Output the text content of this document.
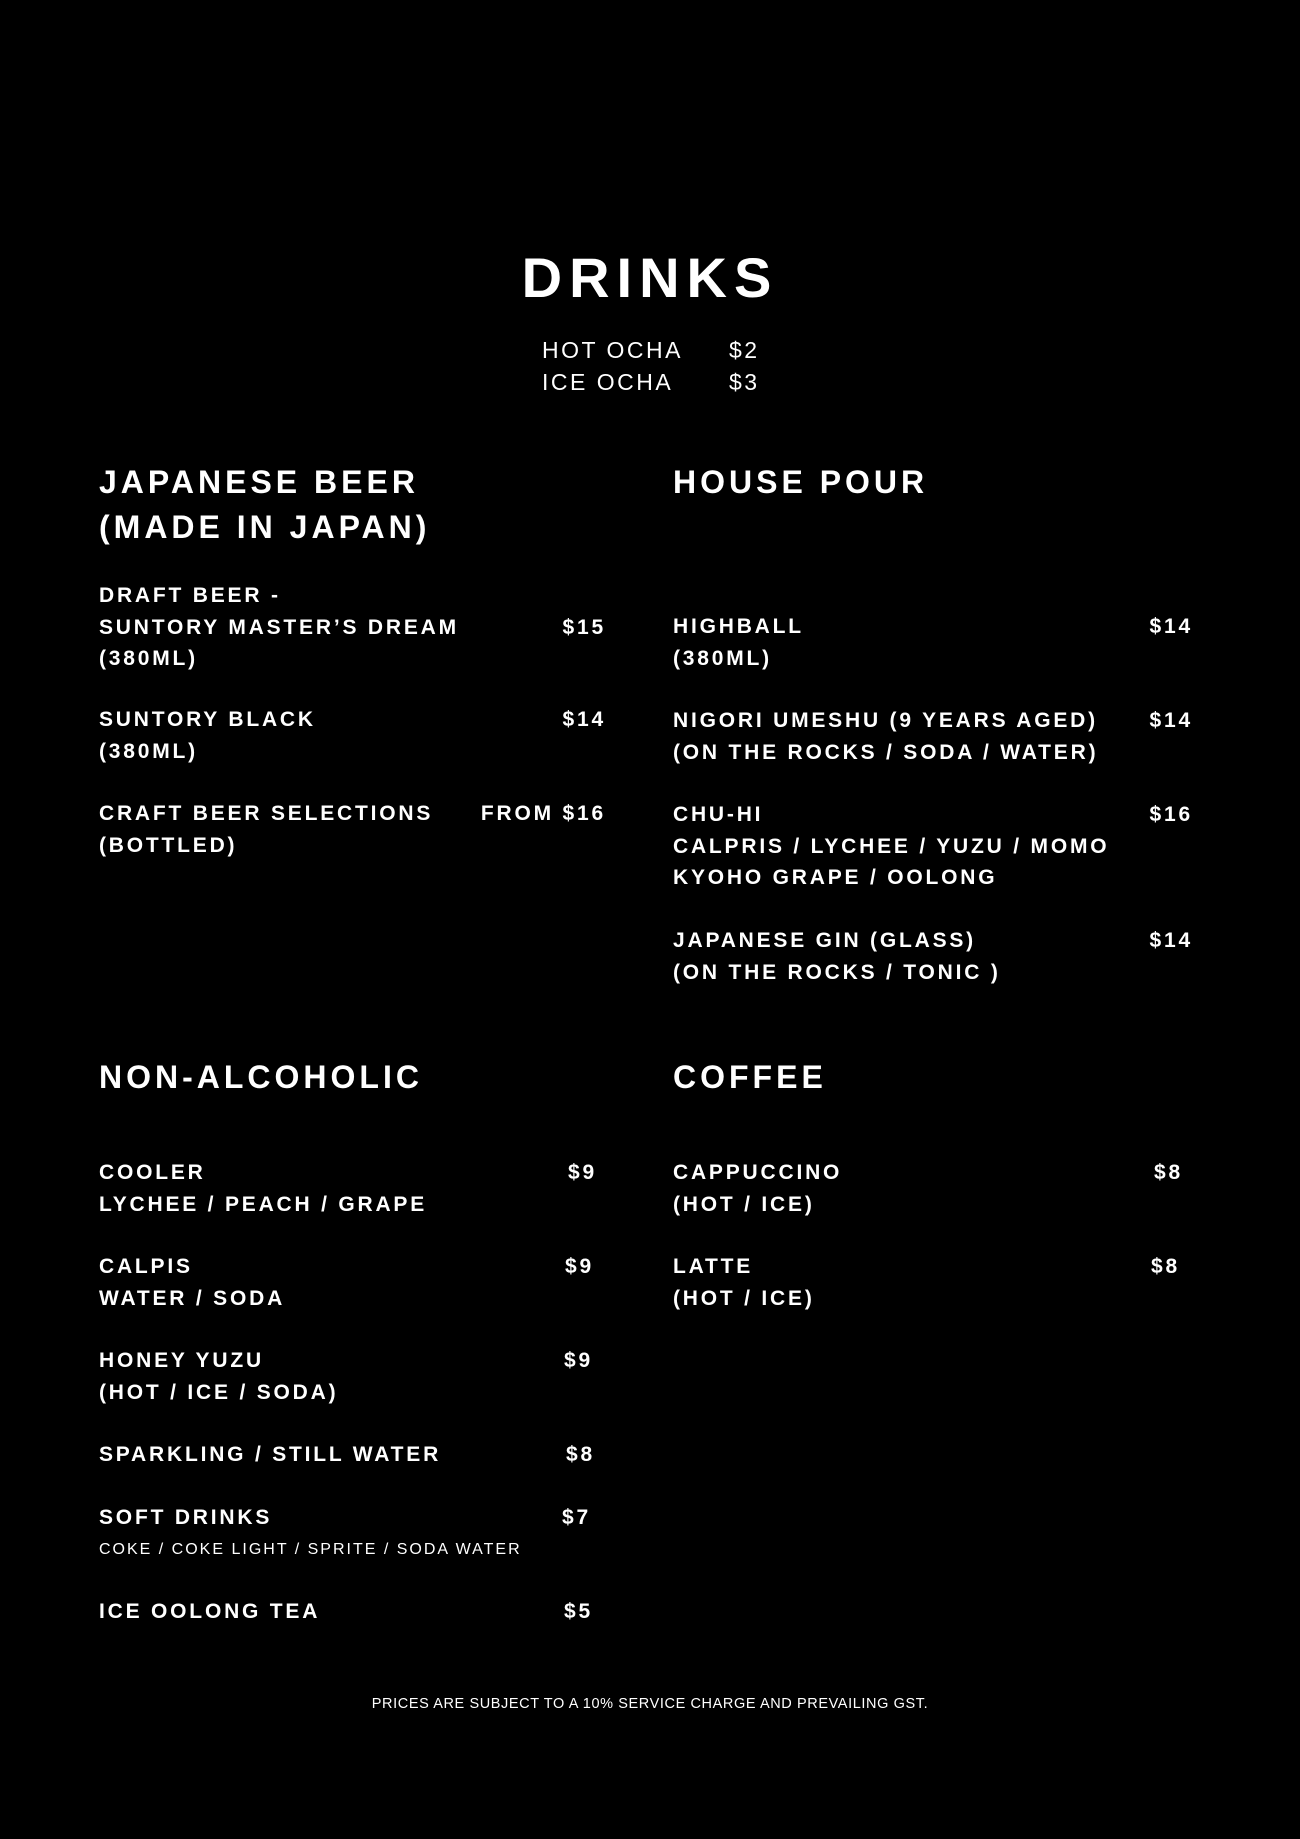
DRINKS
HOT OCHA $2
ICE OCHA $3
JAPANESE BEER
(MADE IN JAPAN)
DRAFT BEER -
SUNTORY MASTER’S DREAM
(380ML)
$15
SUNTORY BLACK
(380ML)
$14
CRAFT BEER SELECTIONS
(BOTTLED)
FROM $16
HOUSE POUR
HIGHBALL
(380ML)
$14
NIGORI UMESHU (9 YEARS AGED)
(ON THE ROCKS / SODA / WATER)
$14
CHU-HI
CALPRIS / LYCHEE / YUZU / MOMO
KYOHO GRAPE / OOLONG
$16
JAPANESE GIN (GLASS)
(ON THE ROCKS / TONIC )
$14
NON-ALCOHOLIC
COOLER
LYCHEE / PEACH / GRAPE
$9
CALPIS
WATER / SODA
$9
HONEY YUZU
(HOT / ICE / SODA)
$9
SPARKLING / STILL WATER	$8
SOFT DRINKS
COKE / COKE LIGHT / SPRITE / SODA WATER
$7
ICE OOLONG TEA	$5
COFFEE
CAPPUCCINO
(HOT / ICE)
$8
LATTE
(HOT / ICE)
$8
PRICES ARE SUBJECT TO A 10% SERVICE CHARGE AND PREVAILING GST.
